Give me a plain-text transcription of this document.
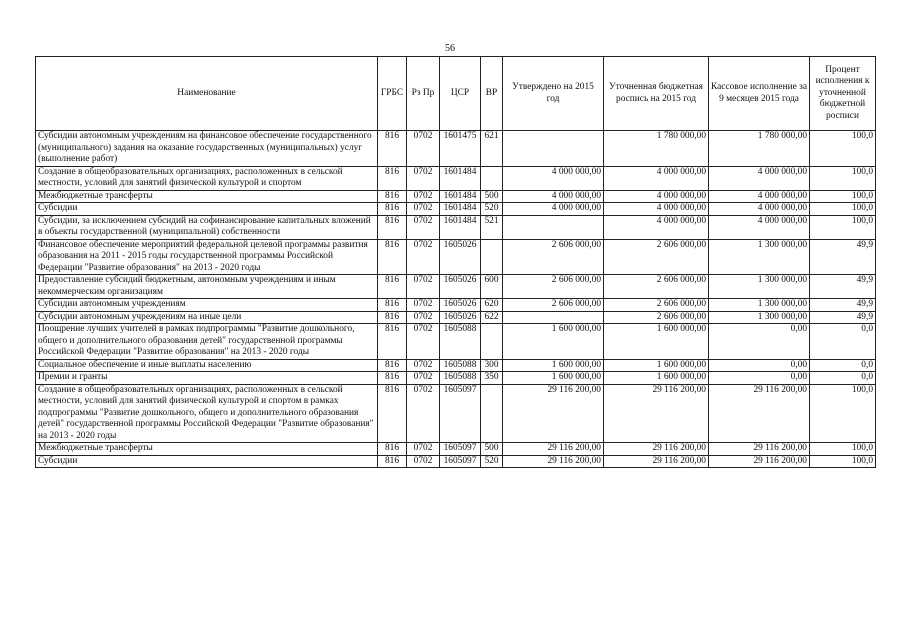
56
Наименование	ГРБС	Рз Пр	ЦСР	ВР	Утверждено на 2015 год	Уточненная бюджетная роспись на 2015 год	Кассовое исполнение за 9 месяцев 2015 года	Процент исполнения к уточненной бюджетной росписи
Субсидии автономным учреждениям на финансовое обеспечение государственного (муниципального) задания на оказание государственных (муниципальных) услуг (выполнение работ)	816	0702	1601475	621		1 780 000,00	1 780 000,00	100,0
Создание в общеобразовательных организациях, расположенных в сельской местности, условий для занятий физической культурой и спортом	816	0702	1601484		4 000 000,00	4 000 000,00	4 000 000,00	100,0
Межбюджетные трансферты	816	0702	1601484	500	4 000 000,00	4 000 000,00	4 000 000,00	100,0
Субсидии	816	0702	1601484	520	4 000 000,00	4 000 000,00	4 000 000,00	100,0
Субсидии, за исключением субсидий на софинансирование капитальных вложений в объекты государственной (муниципальной) собственности	816	0702	1601484	521		4 000 000,00	4 000 000,00	100,0
Финансовое обеспечение мероприятий федеральной целевой программы развития образования на 2011 - 2015 годы государственной программы Российской Федерации "Развитие образования" на 2013 - 2020 годы	816	0702	1605026		2 606 000,00	2 606 000,00	1 300 000,00	49,9
Предоставление субсидий бюджетным, автономным учреждениям и иным некоммерческим организациям	816	0702	1605026	600	2 606 000,00	2 606 000,00	1 300 000,00	49,9
Субсидии автономным учреждениям	816	0702	1605026	620	2 606 000,00	2 606 000,00	1 300 000,00	49,9
Субсидии автономным учреждениям на иные цели	816	0702	1605026	622		2 606 000,00	1 300 000,00	49,9
Поощрение лучших учителей в рамках подпрограммы "Развитие дошкольного, общего и дополнительного образования детей" государственной программы Российской Федерации "Развитие образования" на 2013 - 2020 годы	816	0702	1605088		1 600 000,00	1 600 000,00	0,00	0,0
Социальное обеспечение и иные выплаты населению	816	0702	1605088	300	1 600 000,00	1 600 000,00	0,00	0,0
Премии и гранты	816	0702	1605088	350	1 600 000,00	1 600 000,00	0,00	0,0
Создание в общеобразовательных организациях, расположенных в сельской местности, условий для занятий физической культурой и спортом в рамках подпрограммы "Развитие дошкольного, общего и дополнительного образования детей" государственной программы Российской Федерации "Развитие образования" на 2013 - 2020 годы	816	0702	1605097		29 116 200,00	29 116 200,00	29 116 200,00	100,0
Межбюджетные трансферты	816	0702	1605097	500	29 116 200,00	29 116 200,00	29 116 200,00	100,0
Субсидии	816	0702	1605097	520	29 116 200,00	29 116 200,00	29 116 200,00	100,0
